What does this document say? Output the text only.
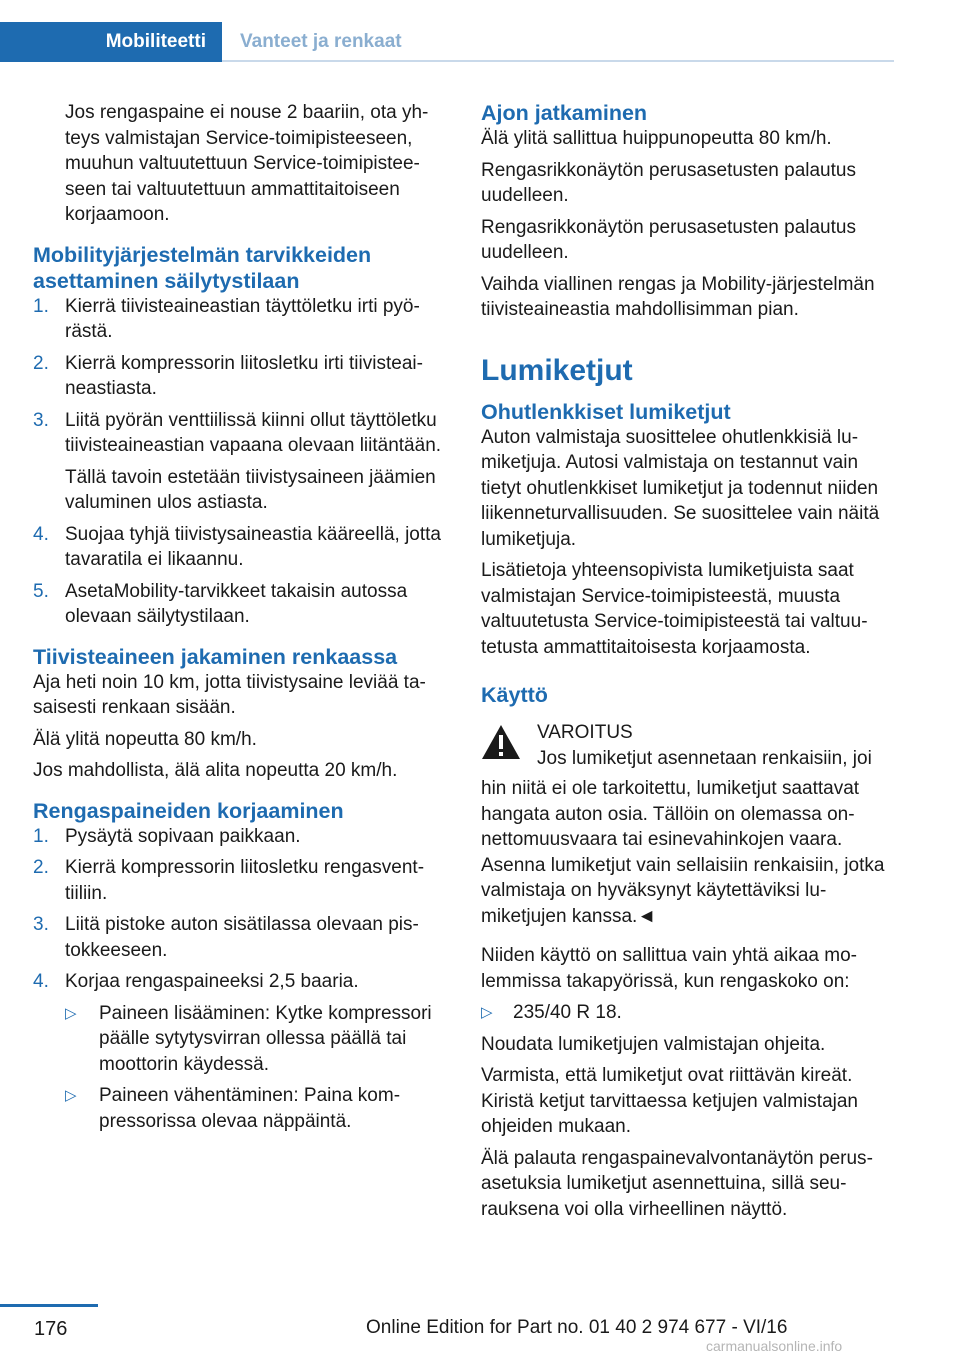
Mobiliteetti	Vanteet ja renkaat

Jos rengaspaine ei nouse 2 baariin, ota yhteys valmistajan Service-toimipisteeseen, muuhun valtuutettuun Service-toimipisteeseen tai valtuutettuun ammattitaitoiseen korjaamoon.

Mobilityjärjestelmän tarvikkeiden asettaminen säilytystilaan
1. Kierrä tiivisteaineastian täyttöletku irti pyörästä.
2. Kierrä kompressorin liitosletku irti tiivisteaineastiasta.
3. Liitä pyörän venttiilissä kiinni ollut täyttöletku tiivisteaineastian vapaana olevaan liitäntään.
Tällä tavoin estetään tiivistysaineen jäämien valuminen ulos astiasta.
4. Suojaa tyhjä tiivistysaineastia kääreellä, jotta tavaratila ei likaannu.
5. AsetaMobility-tarvikkeet takaisin autossa olevaan säilytystilaan.
Tiivisteaineen jakaminen renkaassa

Aja heti noin 10 km, jotta tiivistysaine leviää tasaisesti renkaan sisään.

Älä ylitä nopeutta 80 km/h.

Jos mahdollista, älä alita nopeutta 20 km/h.

Rengaspaineiden korjaaminen
1. Pysäytä sopivaan paikkaan.
2. Kierrä kompressorin liitosletku rengasventtiiliin.
3. Liitä pistoke auton sisätilassa olevaan pistokkeeseen.
4. Korjaa rengaspaineeksi 2,5 baaria.
▷ Paineen lisääminen: Kytke kompressori päälle sytytysvirran ollessa päällä tai moottorin käydessä.
▷ Paineen vähentäminen: Paina kompressorissa olevaa näppäintä.
Ajon jatkaminen

Älä ylitä sallittua huippunopeutta 80 km/h.

Rengasrikkonäytön perusasetusten palautus uudelleen.

Rengasrikkonäytön perusasetusten palautus uudelleen.

Vaihda viallinen rengas ja Mobility-järjestelmän tiivisteaineastia mahdollisimman pian.

Lumiketjut
Ohutlenkkiset lumiketjut

Auton valmistaja suosittelee ohutlenkkisiä lumiketjuja. Autosi valmistaja on testannut vain tietyt ohutlenkkiset lumiketjut ja todennut niiden liikenneturvallisuuden. Se suosittelee vain näitä lumiketjuja.

Lisätietoja yhteensopivista lumiketjuista saat valmistajan Service-toimipisteestä, muusta valtuutetusta Service-toimipisteestä tai valtuutetusta ammattitaitoisesta korjaamosta.

Käyttö
VAROITUS
Jos lumiketjut asennetaan renkaisiin, joi

hin niitä ei ole tarkoitettu, lumiketjut saattavat hangata auton osia. Tällöin on olemassa onnettomuusvaara tai esinevahinkojen vaara. Asenna lumiketjut vain sellaisiin renkaisiin, jotka valmistaja on hyväksynyt käytettäviksi lumiketjujen kanssa.◄

Niiden käyttö on sallittua vain yhtä aikaa molemmissa takapyörissä, kun rengaskoko on:

▷ 235/40 R 18.

Noudata lumiketjujen valmistajan ohjeita.

Varmista, että lumiketjut ovat riittävän kireät. Kiristä ketjut tarvittaessa ketjujen valmistajan ohjeiden mukaan.

Älä palauta rengaspainevalvontanäytön perusasetuksia lumiketjut asennettuina, sillä seurauksena voi olla virheellinen näyttö.

176	Online Edition for Part no. 01 40 2 974 677 - VI/16
carmanualsonline.info
